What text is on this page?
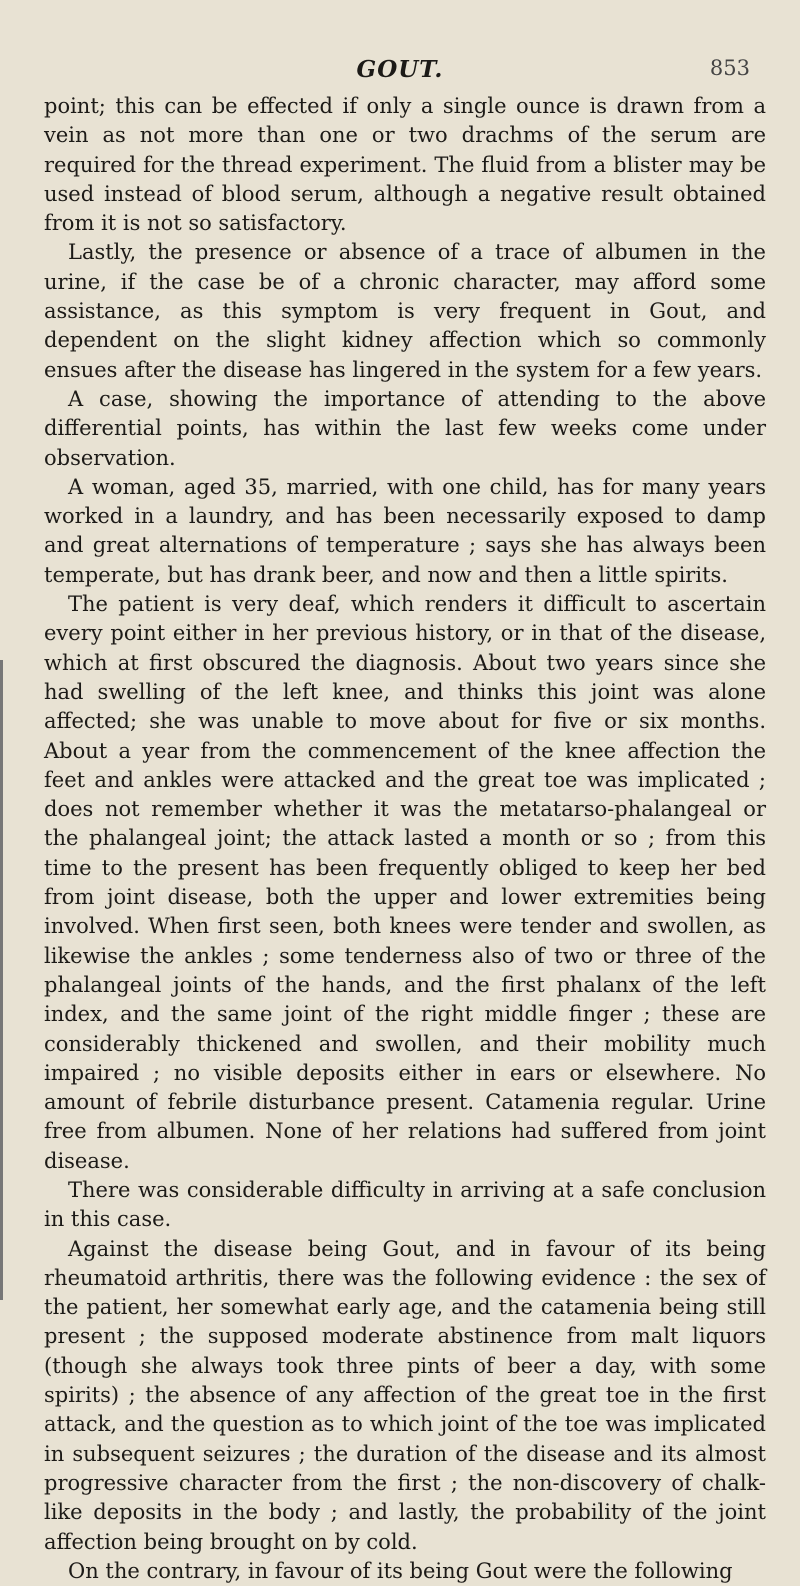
GOUT.	853

point; this can be effected if only a single ounce is drawn from a vein as not more than one or two drachms of the serum are required for the thread experiment. The fluid from a blister may be used instead of blood serum, although a negative result obtained from it is not so satisfactory.

Lastly, the presence or absence of a trace of albumen in the urine, if the case be of a chronic character, may afford some assistance, as this symptom is very frequent in Gout, and dependent on the slight kidney affection which so commonly ensues after the disease has lingered in the system for a few years.

A case, showing the importance of attending to the above differential points, has within the last few weeks come under observation.

A woman, aged 35, married, with one child, has for many years worked in a laundry, and has been necessarily exposed to damp and great alternations of temperature ; says she has always been temperate, but has drank beer, and now and then a little spirits.

The patient is very deaf, which renders it difficult to ascertain every point either in her previous history, or in that of the disease, which at first obscured the diagnosis. About two years since she had swelling of the left knee, and thinks this joint was alone affected; she was unable to move about for five or six months. About a year from the commencement of the knee affection the feet and ankles were attacked and the great toe was implicated ; does not remember whether it was the metatarso-phalangeal or the phalangeal joint; the attack lasted a month or so ; from this time to the present has been frequently obliged to keep her bed from joint disease, both the upper and lower extremities being involved. When first seen, both knees were tender and swollen, as likewise the ankles ; some tenderness also of two or three of the phalangeal joints of the hands, and the first phalanx of the left index, and the same joint of the right middle finger ; these are considerably thickened and swollen, and their mobility much impaired ; no visible deposits either in ears or elsewhere. No amount of febrile disturbance present. Catamenia regular. Urine free from albumen. None of her relations had suffered from joint disease.

There was considerable difficulty in arriving at a safe conclusion in this case.

Against the disease being Gout, and in favour of its being rheumatoid arthritis, there was the following evidence : the sex of the patient, her somewhat early age, and the catamenia being still present ; the supposed moderate abstinence from malt liquors (though she always took three pints of beer a day, with some spirits) ; the absence of any affection of the great toe in the first attack, and the question as to which joint of the toe was implicated in subsequent seizures ; the duration of the disease and its almost progressive character from the first ; the non-discovery of chalk-like deposits in the body ; and lastly, the probability of the joint affection being brought on by cold.

On the contrary, in favour of its being Gout were the following
